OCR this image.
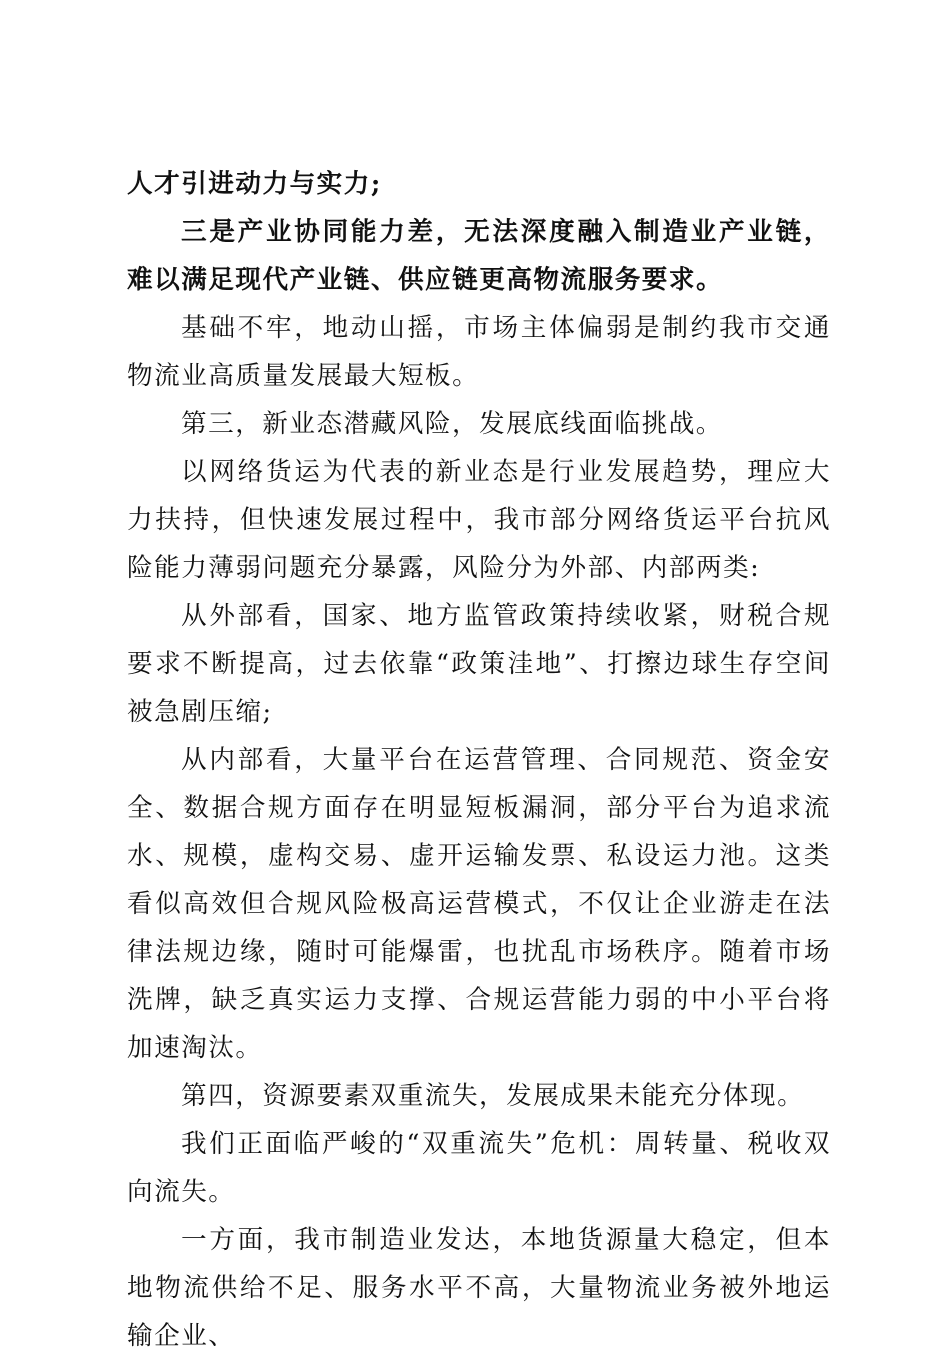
人才引进动力与实力;

三是产业协同能力差，无法深度融入制造业产业链，难以满足现代产业链、供应链更高物流服务要求。

基础不牢，地动山摇，市场主体偏弱是制约我市交通物流业高质量发展最大短板。

第三，新业态潜藏风险，发展底线面临挑战。

以网络货运为代表的新业态是行业发展趋势，理应大力扶持，但快速发展过程中，我市部分网络货运平台抗风险能力薄弱问题充分暴露，风险分为外部、内部两类:

从外部看，国家、地方监管政策持续收紧，财税合规要求不断提高，过去依靠“政策洼地”、打擦边球生存空间被急剧压缩;

从内部看，大量平台在运营管理、合同规范、资金安全、数据合规方面存在明显短板漏洞，部分平台为追求流水、规模，虚构交易、虚开运输发票、私设运力池。这类看似高效但合规风险极高运营模式，不仅让企业游走在法律法规边缘，随时可能爆雷，也扰乱市场秩序。随着市场洗牌，缺乏真实运力支撑、合规运营能力弱的中小平台将加速淘汰。

第四，资源要素双重流失，发展成果未能充分体现。

我们正面临严峻的“双重流失”危机：周转量、税收双向流失。

一方面，我市制造业发达，本地货源量大稳定，但本地物流供给不足、服务水平不高，大量物流业务被外地运输企业、
